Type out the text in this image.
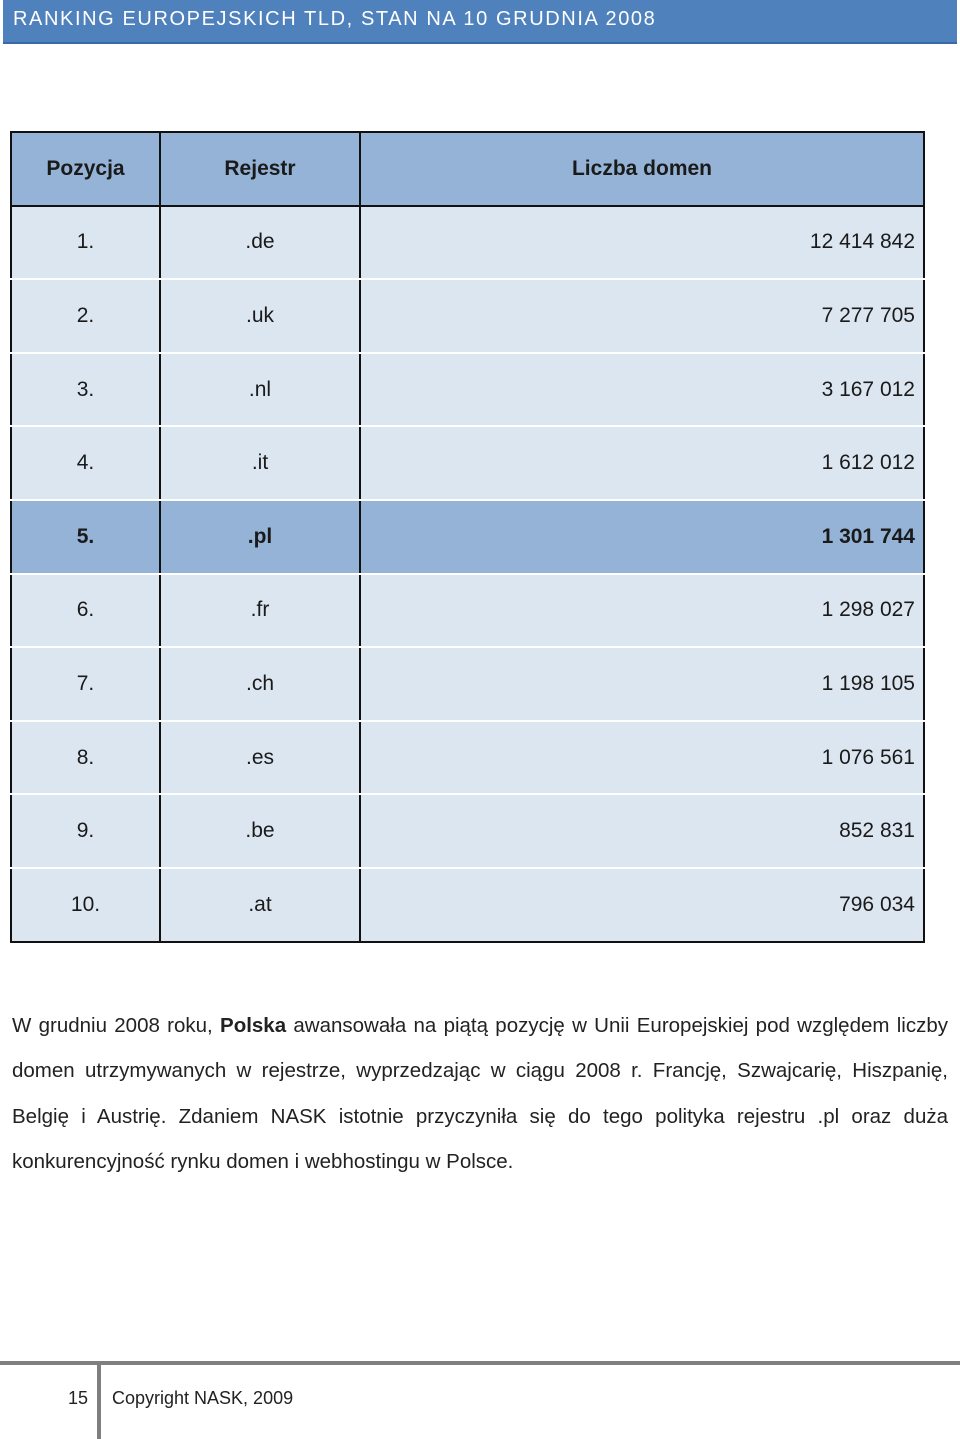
RANKING EUROPEJSKICH TLD, STAN NA 10 GRUDNIA 2008
Pozycja	Rejestr	Liczba domen
1.	.de	12 414 842
2.	.uk	7 277 705
3.	.nl	3 167 012
4.	.it	1 612 012
5.	.pl	1 301 744
6.	.fr	1 298 027
7.	.ch	1 198 105
8.	.es	1 076 561
9.	.be	852 831
10.	.at	796 034

W grudniu 2008 roku, Polska awansowała na piątą pozycję w Unii Europejskiej pod względem liczby domen utrzymywanych w rejestrze, wyprzedzając w ciągu 2008 r. Francję, Szwajcarię, Hiszpanię, Belgię i Austrię. Zdaniem NASK istotnie przyczyniła się do tego polityka rejestru .pl oraz duża konkurencyjność rynku domen i webhostingu w Polsce.

15 Copyright NASK, 2009
